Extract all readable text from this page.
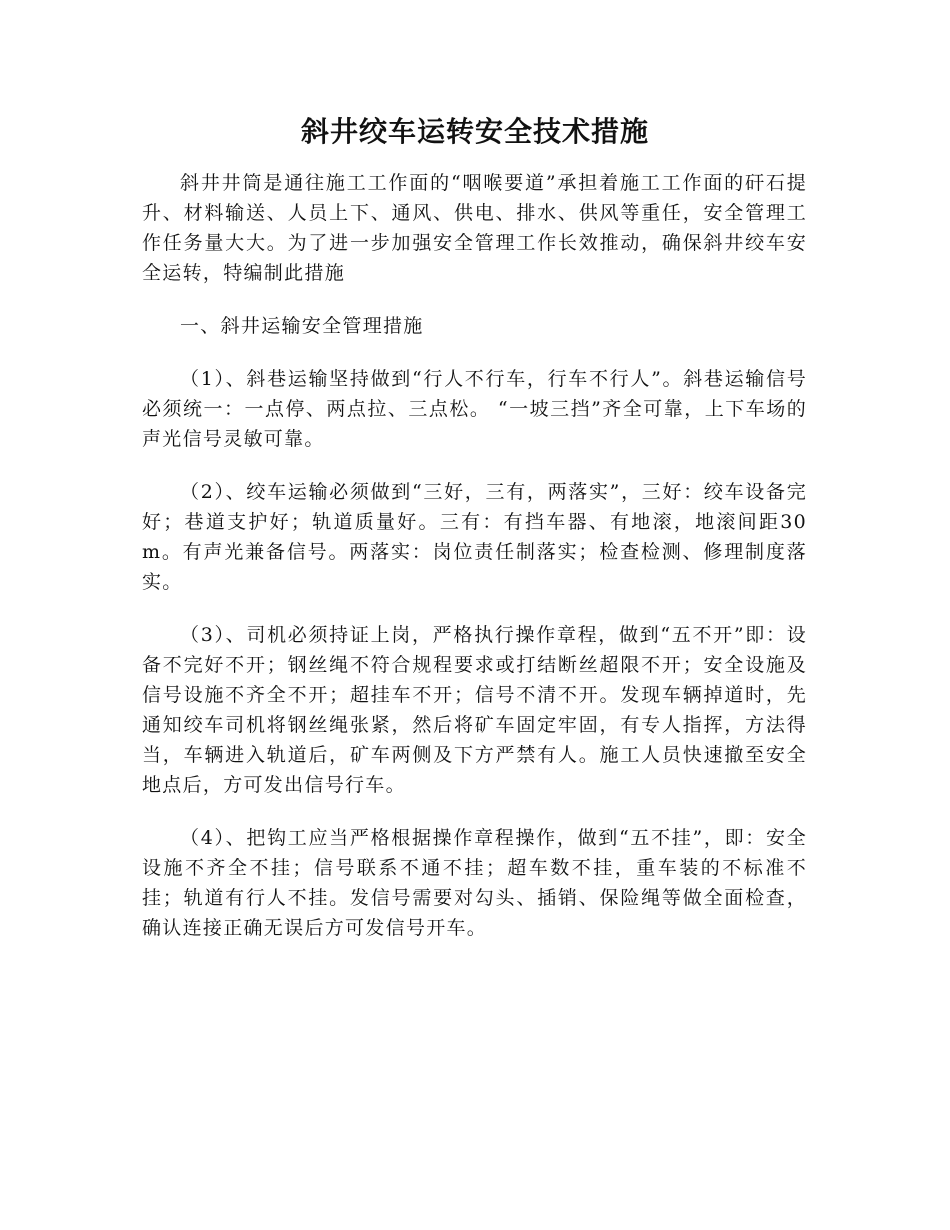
斜井绞车运转安全技术措施

斜井井筒是通往施工工作面的“咽喉要道”承担着施工工作面的矸石提升、材料输送、人员上下、通风、供电、排水、供风等重任，安全管理工作任务量大大。为了进一步加强安全管理工作长效推动，确保斜井绞车安全运转，特编制此措施

一、斜井运输安全管理措施

（1）、斜巷运输坚持做到“行人不行车，行车不行人”。斜巷运输信号必须统一：一点停、两点拉、三点松。 “一坡三挡”齐全可靠，上下车场的声光信号灵敏可靠。

（2）、绞车运输必须做到“三好，三有，两落实”，三好：绞车设备完好；巷道支护好；轨道质量好。三有：有挡车器、有地滚，地滚间距30 m。有声光兼备信号。两落实：岗位责任制落实；检查检测、修理制度落实。

（3）、司机必须持证上岗，严格执行操作章程，做到“五不开”即：设备不完好不开；钢丝绳不符合规程要求或打结断丝超限不开；安全设施及信号设施不齐全不开；超挂车不开；信号不清不开。发现车辆掉道时，先通知绞车司机将钢丝绳张紧，然后将矿车固定牢固，有专人指挥，方法得当，车辆进入轨道后，矿车两侧及下方严禁有人。施工人员快速撤至安全地点后，方可发出信号行车。

（4）、把钩工应当严格根据操作章程操作，做到“五不挂”，即：安全设施不齐全不挂；信号联系不通不挂；超车数不挂，重车装的不标准不挂；轨道有行人不挂。发信号需要对勾头、插销、保险绳等做全面检查，确认连接正确无误后方可发信号开车。
